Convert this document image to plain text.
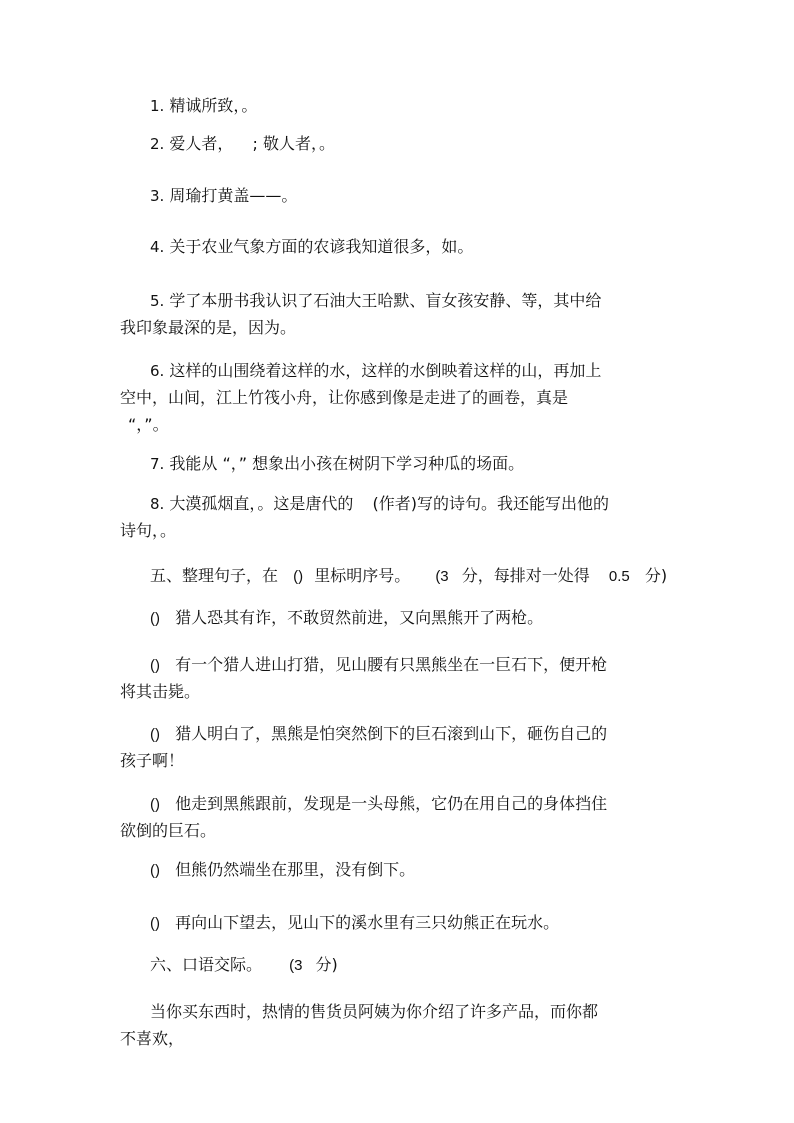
1. 精诚所致，。
2. 爱人者， ; 敬人者，。
3. 周瑜打黄盖——。
4. 关于农业气象方面的农谚我知道很多，如。
5. 学了本册书我认识了石油大王哈默、盲女孩安静、等，其中给
我印象最深的是，因为。
6. 这样的山围绕着这样的水，这样的水倒映着这样的山，再加上
空中，山间，江上竹筏小舟，让你感到像是走进了的画卷，真是
“，”。
7. 我能从 “，” 想象出小孩在树阴下学习种瓜的场面。
8. 大漠孤烟直，。这是唐代的 (作者)写的诗句。我还能写出他的
诗句，。
五、整理句子，在 () 里标明序号。 (3 分，每排对一处得 0.5 分)
() 猎人恐其有诈，不敢贸然前进，又向黑熊开了两枪。
() 有一个猎人进山打猎，见山腰有只黑熊坐在一巨石下，便开枪
将其击毙。
() 猎人明白了，黑熊是怕突然倒下的巨石滚到山下，砸伤自己的
孩子啊！
() 他走到黑熊跟前，发现是一头母熊，它仍在用自己的身体挡住
欲倒的巨石。
() 但熊仍然端坐在那里，没有倒下。
() 再向山下望去，见山下的溪水里有三只幼熊正在玩水。
六、口语交际。 (3 分)
当你买东西时，热情的售货员阿姨为你介绍了许多产品，而你都
不喜欢，
